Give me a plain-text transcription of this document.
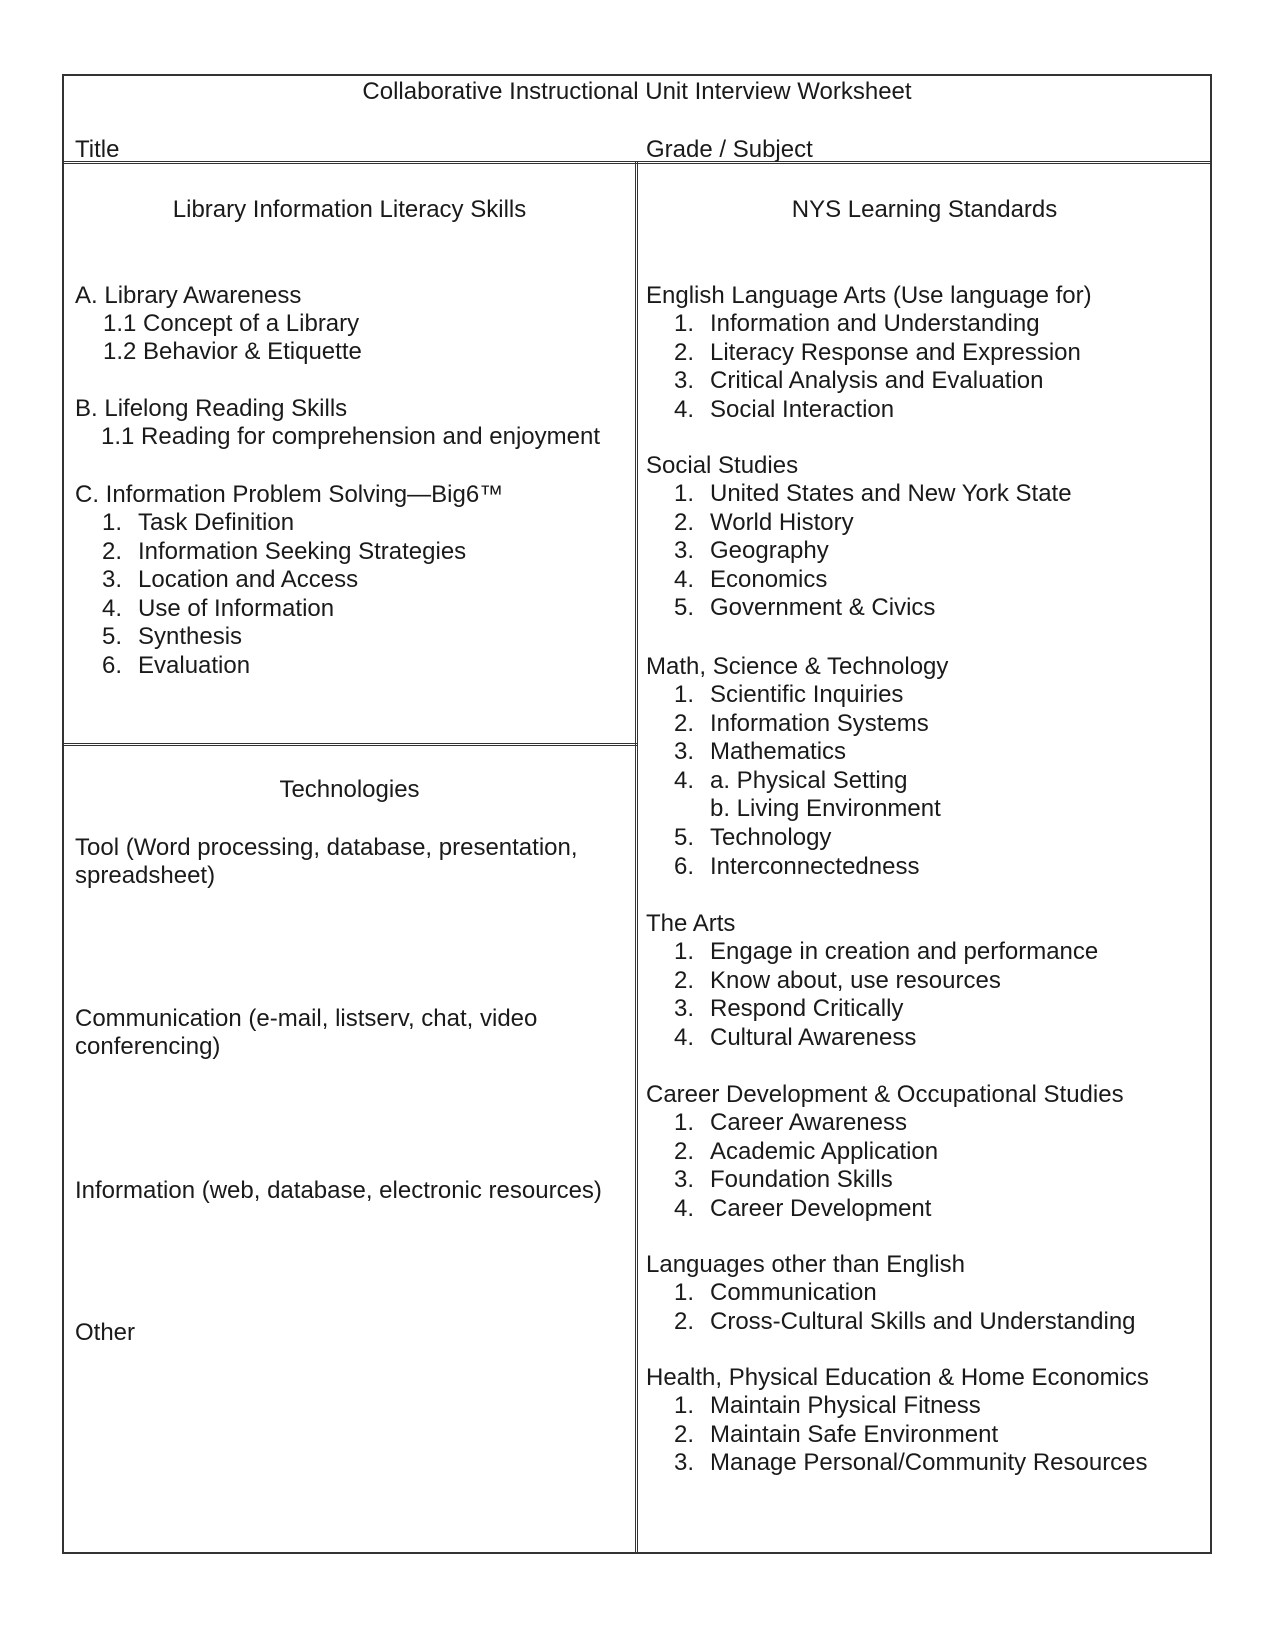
Collaborative Instructional Unit Interview Worksheet
Title	Grade / Subject
Library Information Literacy Skills
A. Library Awareness
1.1 Concept of a Library
1.2 Behavior & Etiquette
B. Lifelong Reading Skills
1.1 Reading for comprehension and enjoyment
C. Information Problem Solving—Big6™
1. Task Definition
2. Information Seeking Strategies
3. Location and Access
4. Use of Information
5. Synthesis
6. Evaluation
Technologies
Tool (Word processing, database, presentation,
spreadsheet)
Communication (e-mail, listserv, chat, video
conferencing)
Information (web, database, electronic resources)
Other
NYS Learning Standards
English Language Arts (Use language for)
1. Information and Understanding
2. Literacy Response and Expression
3. Critical Analysis and Evaluation
4. Social Interaction
Social Studies
1. United States and New York State
2. World History
3. Geography
4. Economics
5. Government & Civics
Math, Science & Technology
1. Scientific Inquiries
2. Information Systems
3. Mathematics
4. a. Physical Setting
b. Living Environment
5. Technology
6. Interconnectedness
The Arts
1. Engage in creation and performance
2. Know about, use resources
3. Respond Critically
4. Cultural Awareness
Career Development & Occupational Studies
1. Career Awareness
2. Academic Application
3. Foundation Skills
4. Career Development
Languages other than English
1. Communication
2. Cross-Cultural Skills and Understanding
Health, Physical Education & Home Economics
1. Maintain Physical Fitness
2. Maintain Safe Environment
3. Manage Personal/Community Resources
